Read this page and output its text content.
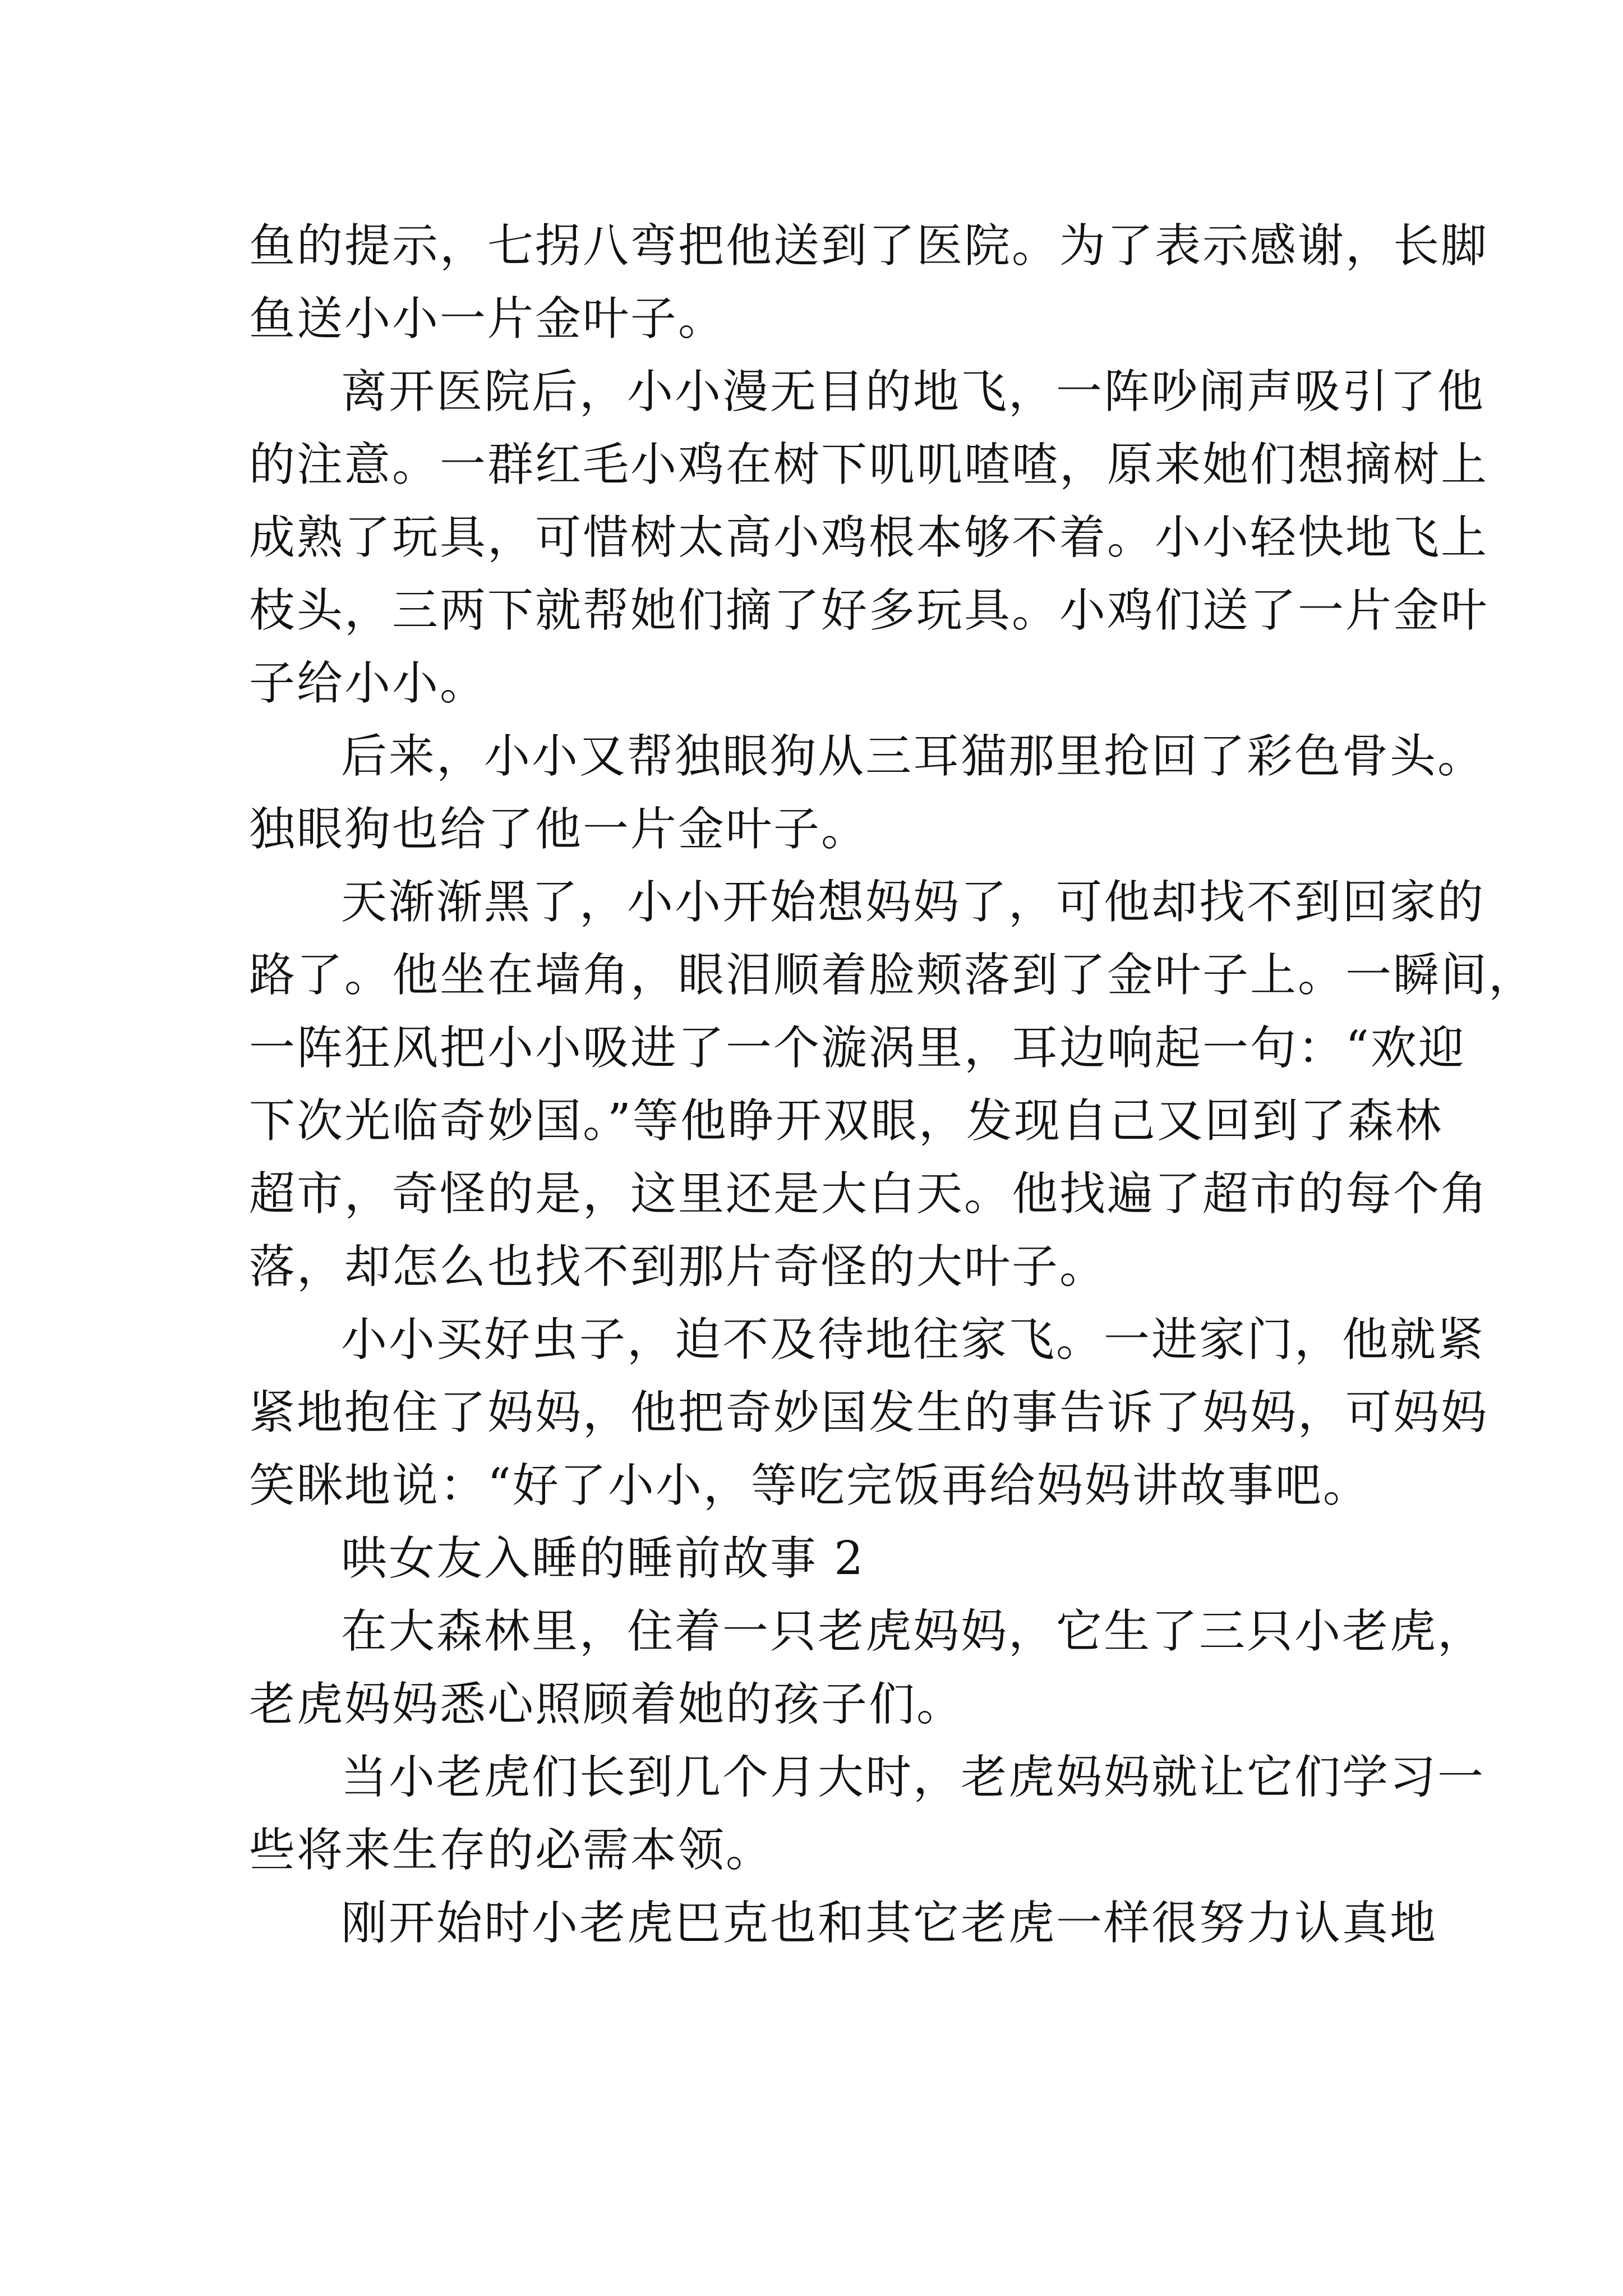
鱼的提示，七拐八弯把他送到了医院。为了表示感谢，长脚
鱼送小小一片金叶子。
离开医院后，小小漫无目的地飞，一阵吵闹声吸引了他
的注意。一群红毛小鸡在树下叽叽喳喳，原来她们想摘树上
成熟了玩具，可惜树太高小鸡根本够不着。小小轻快地飞上
枝头，三两下就帮她们摘了好多玩具。小鸡们送了一片金叶
子给小小。
后来，小小又帮独眼狗从三耳猫那里抢回了彩色骨头。
独眼狗也给了他一片金叶子。
天渐渐黑了，小小开始想妈妈了，可他却找不到回家的
路了。他坐在墙角，眼泪顺着脸颊落到了金叶子上。一瞬间，
一阵狂风把小小吸进了一个漩涡里，耳边响起一句：“欢迎
下次光临奇妙国。”等他睁开双眼，发现自己又回到了森林
超市，奇怪的是，这里还是大白天。他找遍了超市的每个角
落，却怎么也找不到那片奇怪的大叶子。
小小买好虫子，迫不及待地往家飞。一进家门，他就紧
紧地抱住了妈妈，他把奇妙国发生的事告诉了妈妈，可妈妈
笑眯地说：“好了小小，等吃完饭再给妈妈讲故事吧。
哄女友入睡的睡前故事 2
在大森林里，住着一只老虎妈妈，它生了三只小老虎，
老虎妈妈悉心照顾着她的孩子们。
当小老虎们长到几个月大时，老虎妈妈就让它们学习一
些将来生存的必需本领。
刚开始时小老虎巴克也和其它老虎一样很努力认真地
